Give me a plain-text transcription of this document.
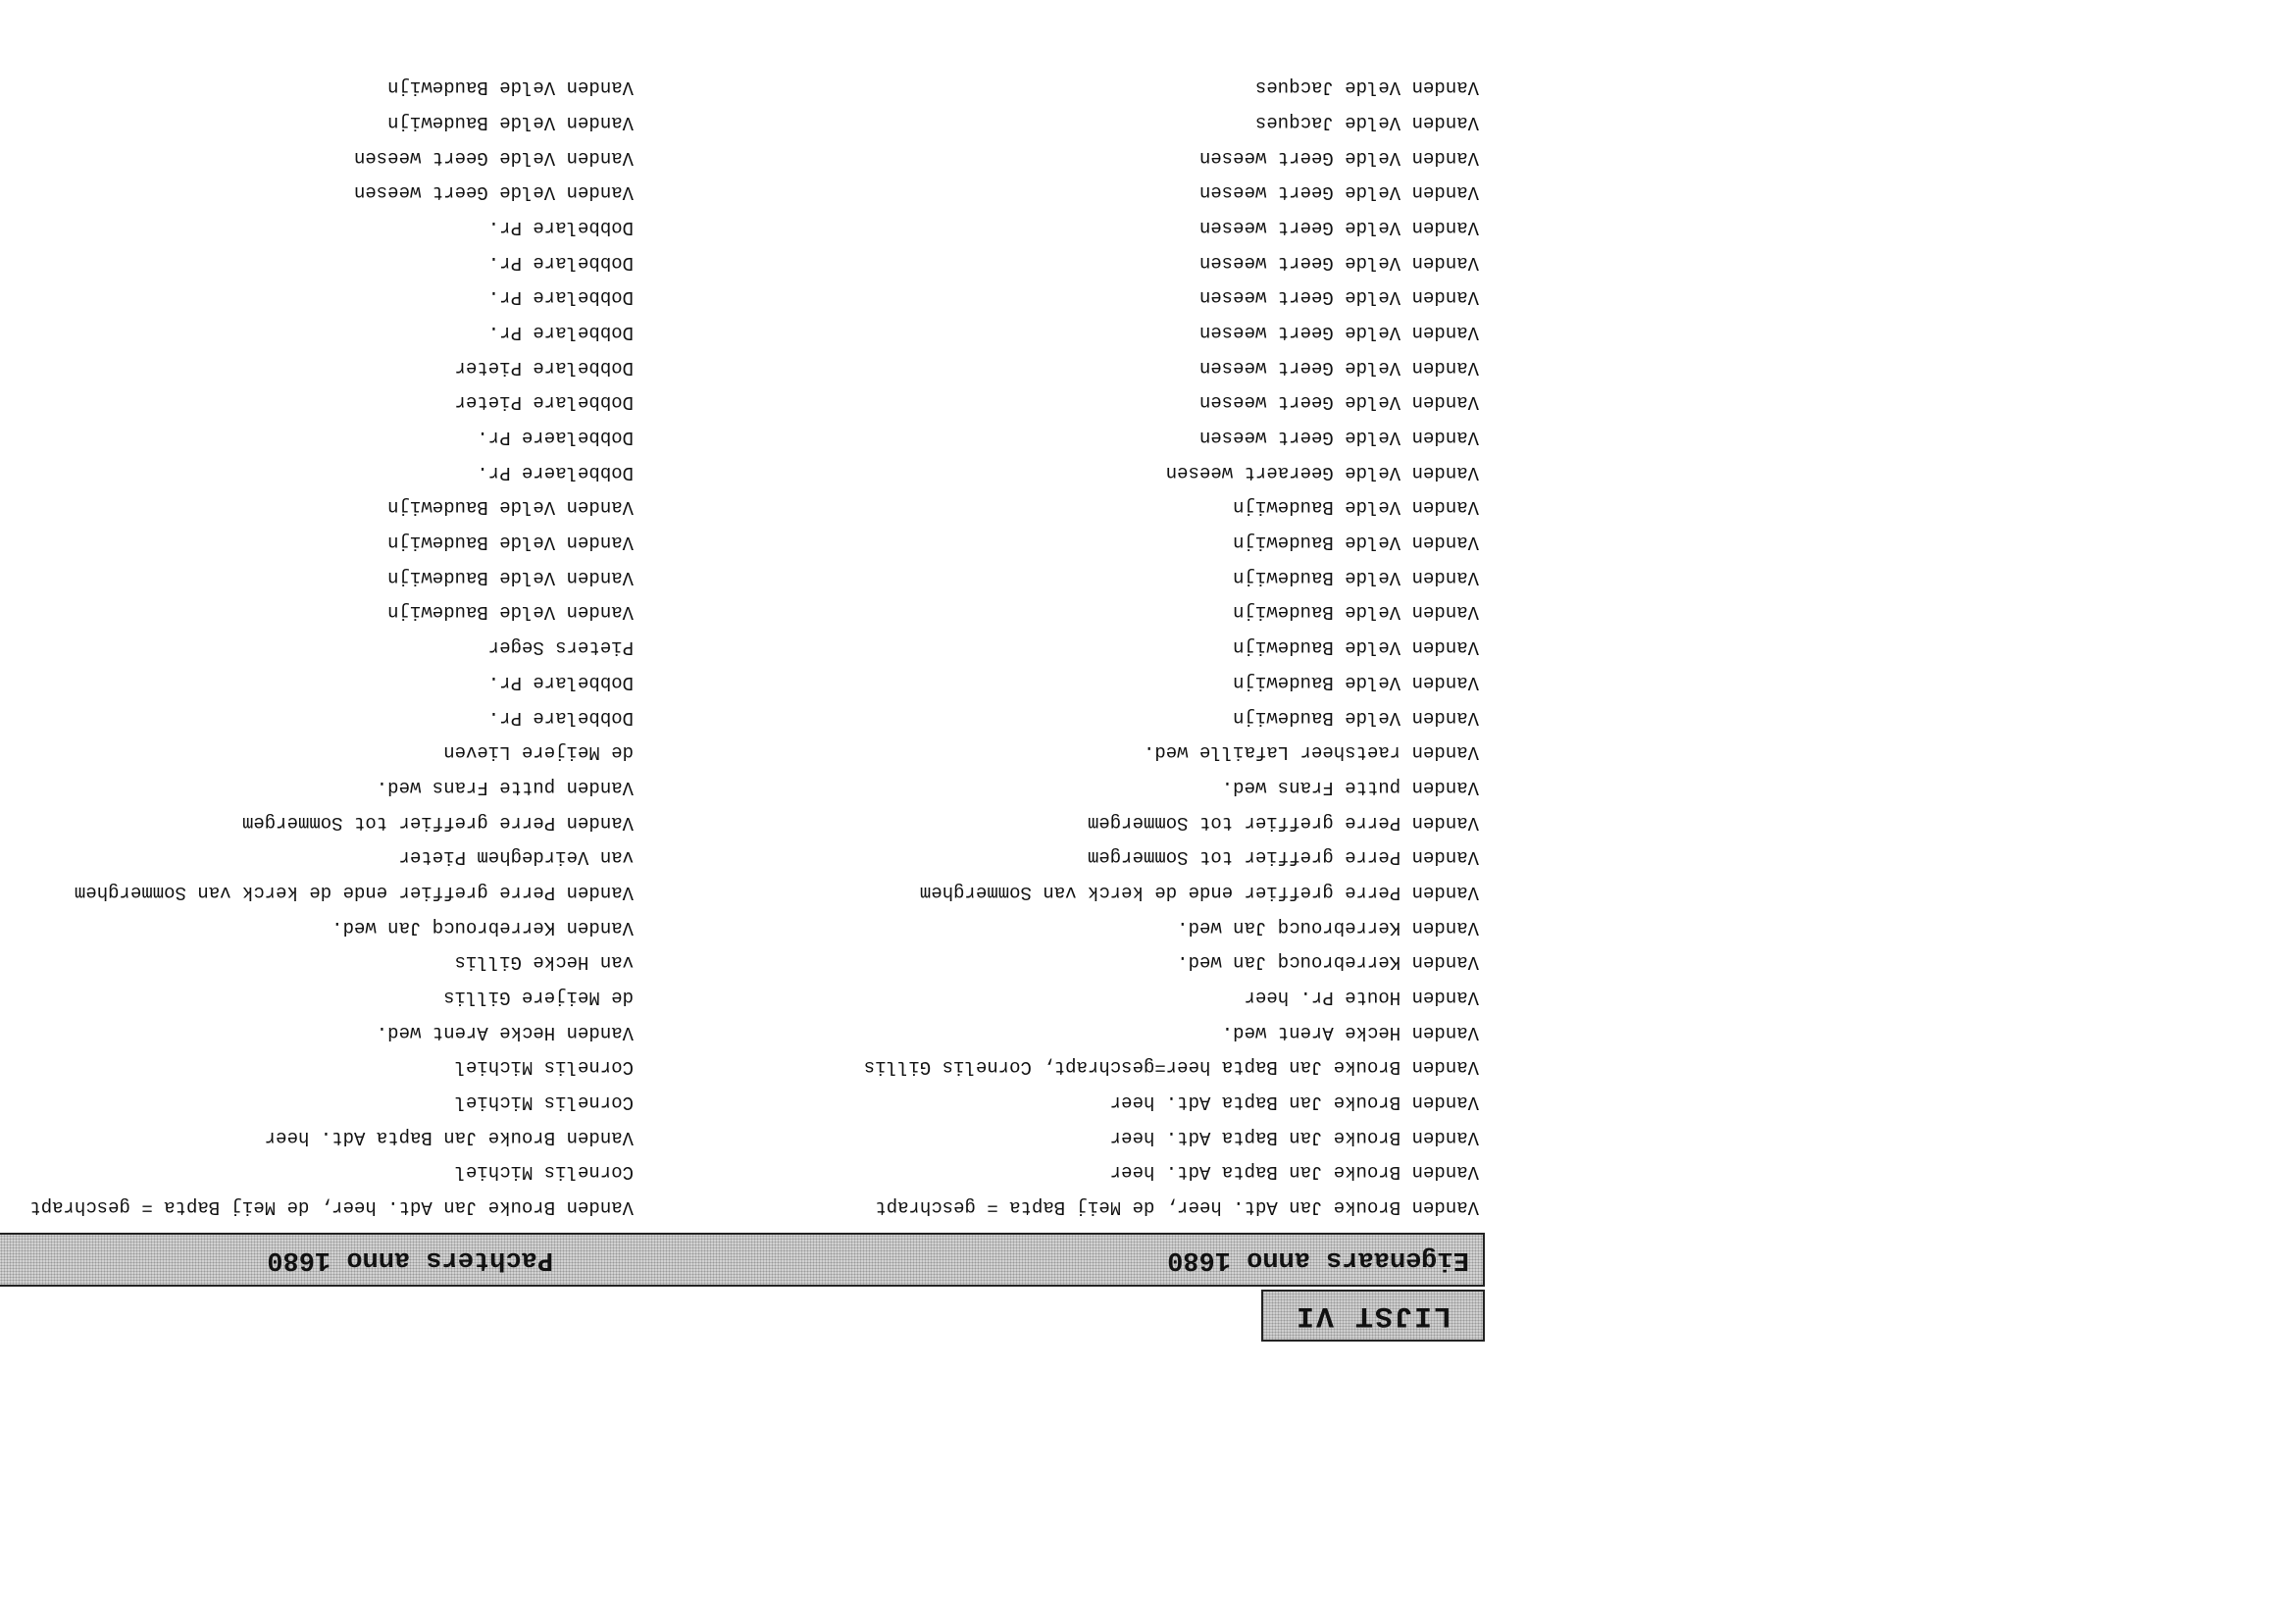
LIJST VI
Eigenaars anno 1680
Pachters anno 1680
Vanden Brouke Jan Adt. heer, de Meij Bapta = geschrapt
Vanden Brouke Jan Adt. heer, de Meij Bapta = geschrapt
Vanden Brouke Jan Bapta Adt. heer
Cornelis Michiel
Vanden Brouke Jan Bapta Adt. heer
Vanden Brouke Jan Bapta Adt. heer
Vanden Brouke Jan Bapta Adt. heer
Cornelis Michiel
Vanden Brouke Jan Bapta heer=geschrapt, Cornelis Gillis
Cornelis Michiel
Vanden Hecke Arent wed.
Vanden Hecke Arent wed.
Vanden Houte Pr. heer
de Meijere Gillis
Vanden Kerrebroucq Jan wed.
van Hecke Gillis
Vanden Kerrebroucq Jan wed.
Vanden Kerrebroucq Jan wed.
Vanden Perre greffier ende de kerck van Sommerghem
Vanden Perre greffier ende de kerck van Sommerghem
Vanden Perre greffier tot Sommergem
van Veirdeghem Pieter
Vanden Perre greffier tot Sommergem
Vanden Perre greffier tot Sommergem
Vanden putte Frans wed.
Vanden putte Frans wed.
Vanden raetsheer Lafaille wed.
de Meijere Lieven
Vanden Velde Baudewijn
Dobbelare Pr.
Vanden Velde Baudewijn
Dobbelare Pr.
Vanden Velde Baudewijn
Pieters Seger
Vanden Velde Baudewijn
Vanden Velde Baudewijn
Vanden Velde Baudewijn
Vanden Velde Baudewijn
Vanden Velde Baudewijn
Vanden Velde Baudewijn
Vanden Velde Baudewijn
Vanden Velde Baudewijn
Vanden Velde Geeraert weesen
Dobbelaere Pr.
Vanden Velde Geert weesen
Dobbelaere Pr.
Vanden Velde Geert weesen
Dobbelare Pieter
Vanden Velde Geert weesen
Dobbelare Pieter
Vanden Velde Geert weesen
Dobbelare Pr.
Vanden Velde Geert weesen
Dobbelare Pr.
Vanden Velde Geert weesen
Dobbelare Pr.
Vanden Velde Geert weesen
Dobbelare Pr.
Vanden Velde Geert weesen
Vanden Velde Geert weesen
Vanden Velde Geert weesen
Vanden Velde Geert weesen
Vanden Velde Jacques
Vanden Velde Baudewijn
Vanden Velde Jacques
Vanden Velde Baudewijn
